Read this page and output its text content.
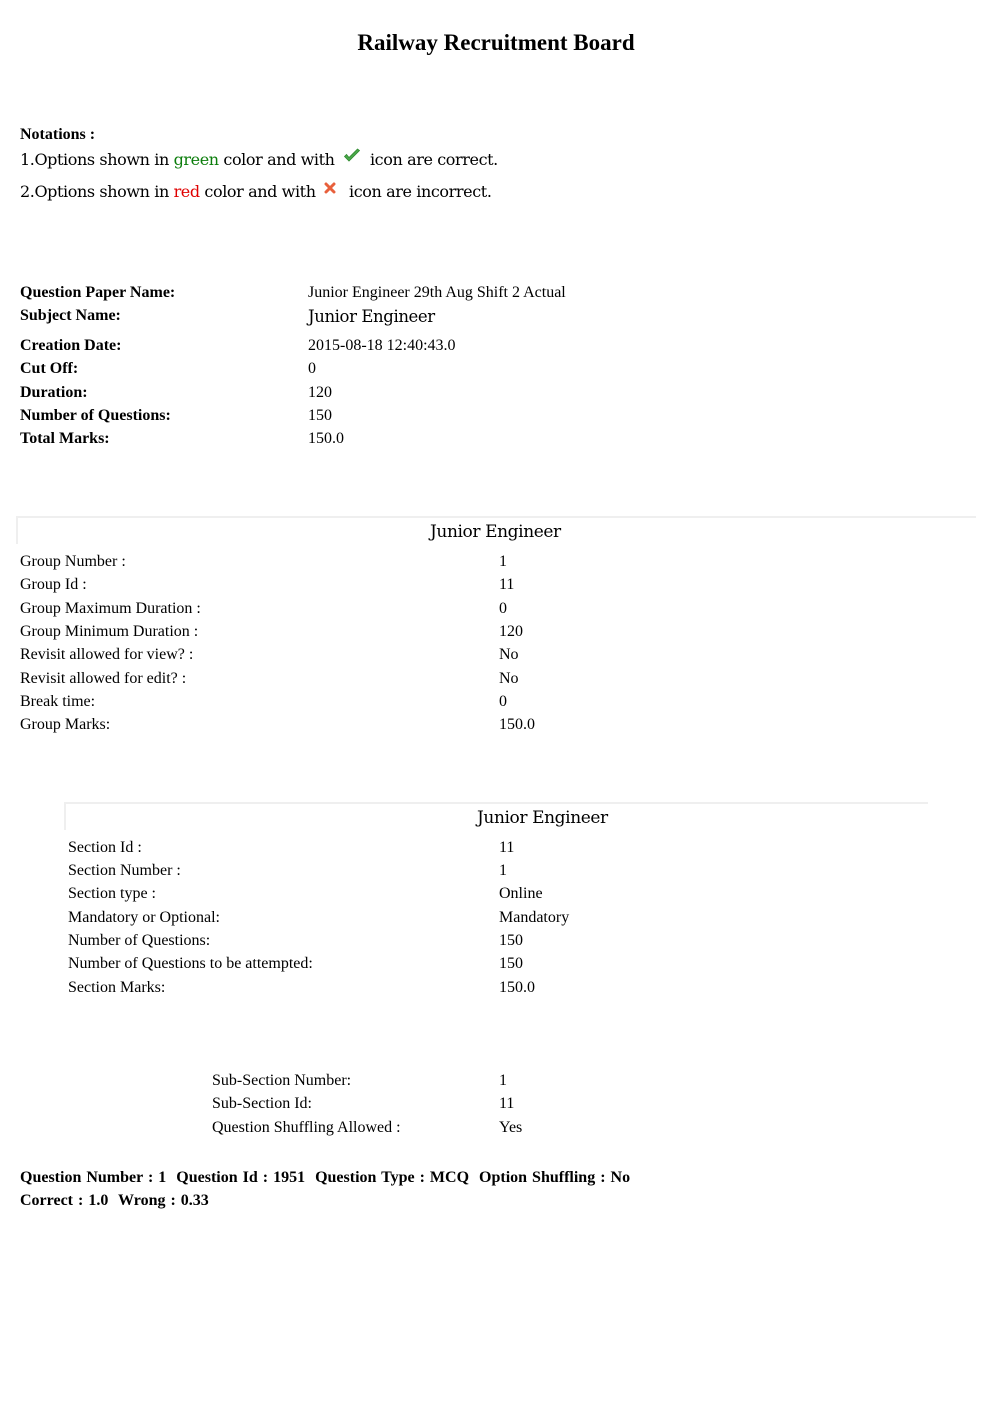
Railway Recruitment Board
Notations :
1.Options shown in green color and with  icon are correct.
2.Options shown in red color and with  icon are incorrect.
Question Paper Name:	Junior Engineer 29th Aug Shift 2 Actual
Subject Name:	Junior Engineer
Creation Date:	2015-08-18 12:40:43.0
Cut Off:	0
Duration:	120
Number of Questions:	150
Total Marks:	150.0
Junior Engineer
Group Number :	1
Group Id :	11
Group Maximum Duration :	0
Group Minimum Duration :	120
Revisit allowed for view? :	No
Revisit allowed for edit? :	No
Break time:	0
Group Marks:	150.0
Junior Engineer
Section Id :	11
Section Number :	1
Section type :	Online
Mandatory or Optional:	Mandatory
Number of Questions:	150
Number of Questions to be attempted:	150
Section Marks:	150.0
Sub-Section Number:	1
Sub-Section Id:	11
Question Shuffling Allowed :	Yes
Question Number : 1  Question Id : 1951  Question Type : MCQ  Option Shuffling : No
Correct : 1.0  Wrong : 0.33
